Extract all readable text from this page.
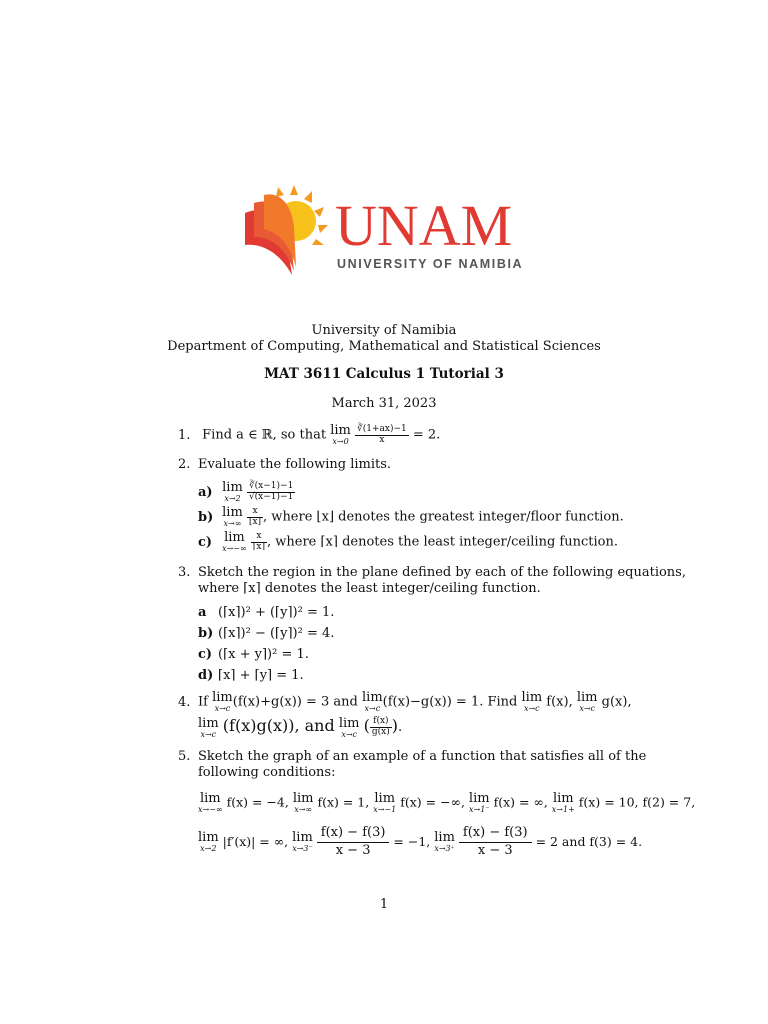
UNAM
UNIVERSITY OF NAMIBIA
University of Namibia
Department of Computing, Mathematical and Statistical Sciences
MAT 3611 Calculus 1 Tutorial 3
March 31, 2023
1. Find a ∈ ℝ, so that lim
x→0
$\frac{∛(1+ax)-1}{x} = 2$.
2. Evaluate the following limits.
a) lim
x→2
$\frac{∛(x-1)-1}{√(x-1)-1}$
b) lim
x→∞
$\frac{x}{⌊x⌋}$ , where ⌊x⌋ denotes the greatest integer/floor function.
c) lim
x→−∞
$\frac{x}{⌈x⌉}$ , where ⌈x⌉ denotes the least integer/ceiling function.
3. Sketch the region in the plane defined by each of the following equations,
where ⌈x⌉ denotes the least integer/ceiling function.
a (⌈x⌉)² + (⌈y⌉)² = 1.
b) (⌈x⌉)² − (⌈y⌉)² = 4.
c) (⌈x + y⌉)² = 1.
d) ⌈x⌉ + ⌈y⌉ = 1.
4. If lim
x→c (f(x)+g(x)) = 3 and lim
x→c (f(x)−g(x)) = 1. Find lim
x→c f(x), lim
x→c g(x),
lim
x→c (f(x)g(x)), and lim
x→c ( $\frac{f(x)}{g(x)}$ ).
5. Sketch the graph of an example of a function that satisfies all of the
following conditions:
lim
x→−∞ f(x) = −4, lim
x→∞ f(x) = 1, lim
x→−1 f(x) = −∞, lim
x→1⁻ f(x) = ∞, lim
x→1+ f(x) = 10, f(2) = 7,
lim
x→2 |f′(x)| = ∞, lim
x→3⁻
$\frac{f(x) - f(3)}{x - 3} = -1$, lim
x→3⁺
$\frac{f(x) - f(3)}{x - 3} = 2$ and f(3) = 4.
1
